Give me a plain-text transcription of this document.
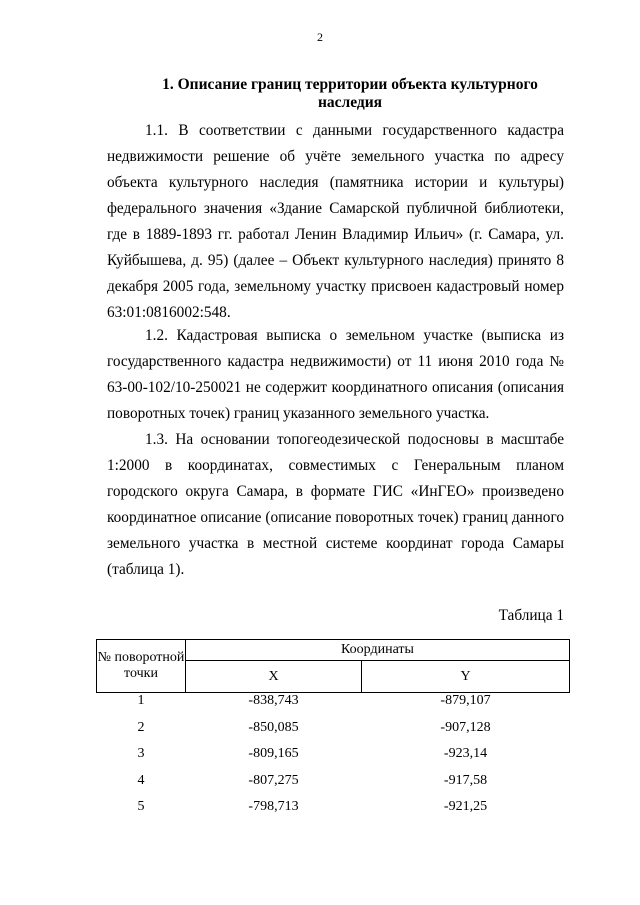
2
1. Описание границ территории объекта культурного наследия
1.1. В соответствии с данными государственного кадастра недвижимости решение об учёте земельного участка по адресу объекта культурного наследия (памятника истории и культуры) федерального значения «Здание Самарской публичной библиотеки, где в 1889-1893 гг. работал Ленин Владимир Ильич» (г. Самара, ул. Куйбышева, д. 95) (далее – Объект культурного наследия) принято 8 декабря 2005 года, земельному участку присвоен кадастровый номер 63:01:0816002:548.
1.2. Кадастровая выписка о земельном участке (выписка из государственного кадастра недвижимости) от 11 июня 2010 года № 63-00-102/10-250021 не содержит координатного описания (описания поворотных точек) границ указанного земельного участка.
1.3. На основании топогеодезической подосновы в масштабе 1:2000 в координатах, совместимых с Генеральным планом городского округа Самара, в формате ГИС «ИнГЕО» произведено координатное описание (описание поворотных точек) границ данного земельного участка в местной системе координат города Самары (таблица 1).
Таблица 1
№ поворотной точки	Координаты	
	X	Y
1	-838,743	-879,107
2	-850,085	-907,128
3	-809,165	-923,14
4	-807,275	-917,58
5	-798,713	-921,25
